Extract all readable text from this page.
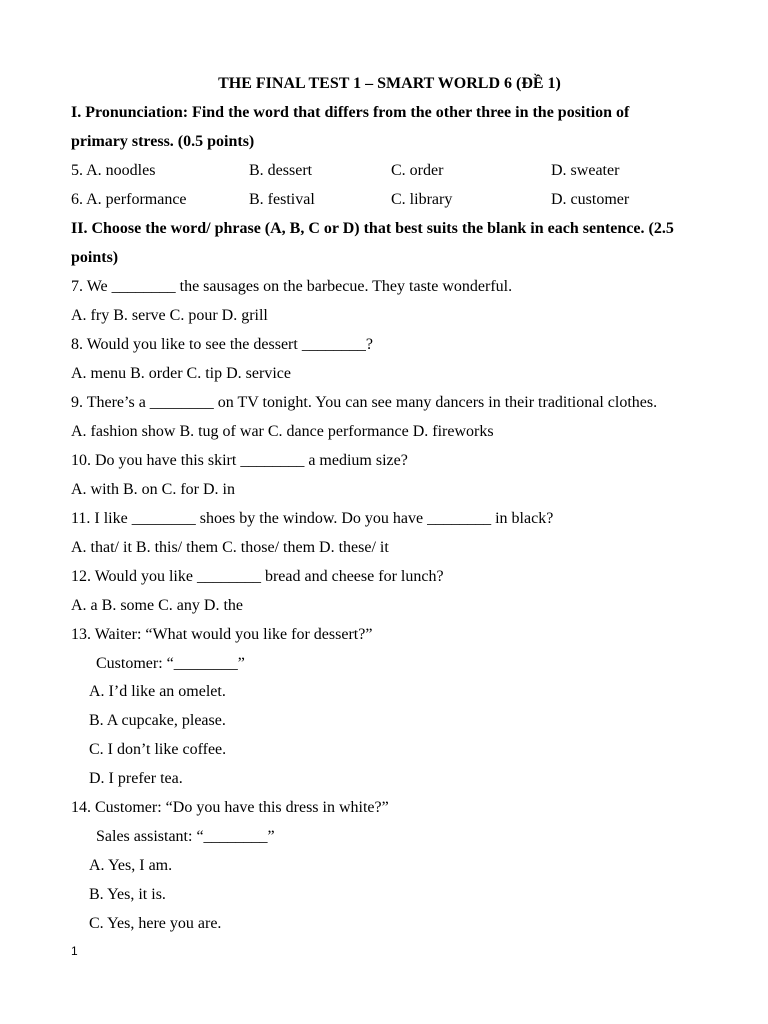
THE FINAL TEST 1 – SMART WORLD 6 (ĐỀ 1)
I. Pronunciation: Find the word that differs from the other three in the position of
primary stress. (0.5 points)
5. A. noodles	B. dessert	C. order	D. sweater
6. A. performance	B. festival	C. library	D. customer
II. Choose the word/ phrase (A, B, C or D) that best suits the blank in each sentence. (2.5
points)
7. We ________ the sausages on the barbecue. They taste wonderful.
A. fry B. serve C. pour D. grill
8. Would you like to see the dessert ________?
A. menu B. order C. tip D. service
9. There’s a ________ on TV tonight. You can see many dancers in their traditional clothes.
A. fashion show B. tug of war C. dance performance D. fireworks
10. Do you have this skirt ________ a medium size?
A. with B. on C. for D. in
11. I like ________ shoes by the window. Do you have ________ in black?
A. that/ it B. this/ them C. those/ them D. these/ it
12. Would you like ________ bread and cheese for lunch?
A. a B. some C. any D. the
13. Waiter: “What would you like for dessert?”
Customer: “________”
A. I’d like an omelet.
B. A cupcake, please.
C. I don’t like coffee.
D. I prefer tea.
14. Customer: “Do you have this dress in white?”
Sales assistant: “________”
A. Yes, I am.
B. Yes, it is.
C. Yes, here you are.
1
